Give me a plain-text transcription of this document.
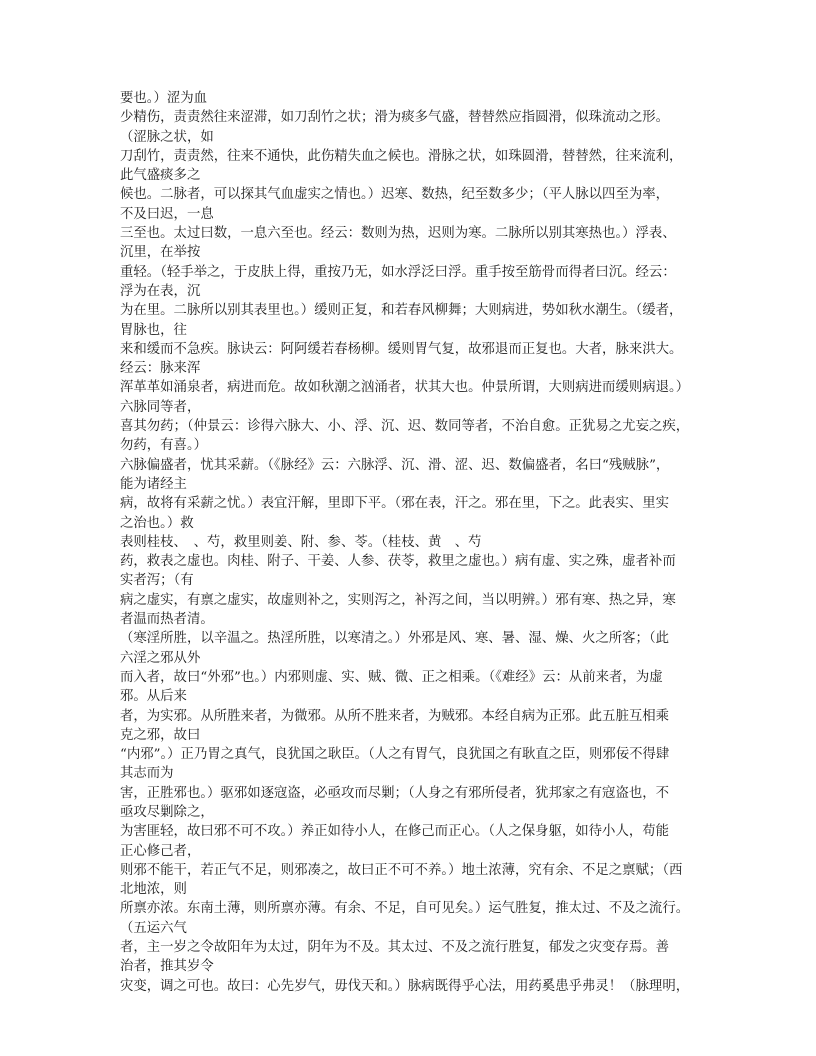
要也。）涩为血
少精伤，责责然往来涩滞，如刀刮竹之状；滑为痰多气盛，替替然应指圆滑，似珠流动之形。
（涩脉之状，如
刀刮竹，责责然，往来不通快，此伤精失血之候也。滑脉之状，如珠圆滑，替替然，往来流利，
此气盛痰多之
候也。二脉者，可以探其气血虚实之情也。）迟寒、数热，纪至数多少；（平人脉以四至为率，
不及曰迟，一息
三至也。太过曰数，一息六至也。经云：数则为热，迟则为寒。二脉所以别其寒热也。）浮表、
沉里，在举按
重轻。（轻手举之，于皮肤上得，重按乃无，如水浮泛曰浮。重手按至筋骨而得者曰沉。经云：
浮为在表，沉
为在里。二脉所以别其表里也。）缓则正复，和若春风柳舞；大则病进，势如秋水潮生。（缓者，
胃脉也，往
来和缓而不急疾。脉诀云：阿阿缓若春杨柳。缓则胃气复，故邪退而正复也。大者，脉来洪大。
经云：脉来浑
浑革革如涌泉者，病进而危。故如秋潮之汹涌者，状其大也。仲景所谓，大则病进而缓则病退。）
六脉同等者，
喜其勿药；（仲景云：诊得六脉大、小、浮、沉、迟、数同等者，不治自愈。正犹易之尤妄之疾，
勿药，有喜。）
六脉偏盛者，忧其采薪。（《脉经》云：六脉浮、沉、滑、涩、迟、数偏盛者，名曰“残贼脉”，
能为诸经主
病，故将有采薪之忧。）表宜汗解，里即下平。（邪在表，汗之。邪在里，下之。此表实、里实
之治也。）救
表则桂枝、　、芍，救里则姜、附、参、苓。（桂枝、黄　、芍
药，救表之虚也。肉桂、附子、干姜、人参、茯苓，救里之虚也。）病有虚、实之殊，虚者补而
实者泻；（有
病之虚实，有禀之虚实，故虚则补之，实则泻之，补泻之间，当以明辨。）邪有寒、热之异，寒
者温而热者清。
（寒淫所胜，以辛温之。热淫所胜，以寒清之。）外邪是风、寒、暑、湿、燥、火之所客；（此
六淫之邪从外
而入者，故曰“外邪”也。）内邪则虚、实、贼、微、正之相乘。（《难经》云：从前来者，为虚
邪。从后来
者，为实邪。从所胜来者，为微邪。从所不胜来者，为贼邪。本经自病为正邪。此五脏互相乘
克之邪，故曰
“内邪”。）正乃胃之真气，良犹国之耿臣。（人之有胃气，良犹国之有耿直之臣，则邪佞不得肆
其志而为
害，正胜邪也。）驱邪如逐寇盗，必亟攻而尽剿；（人身之有邪所侵者，犹邦家之有寇盗也，不
亟攻尽剿除之，
为害匪轻，故曰邪不可不攻。）养正如待小人，在修己而正心。（人之保身躯，如待小人，苟能
正心修己者，
则邪不能干，若正气不足，则邪凑之，故曰正不可不养。）地土浓薄，究有余、不足之禀赋；（西
北地浓，则
所禀亦浓。东南土薄，则所禀亦薄。有余、不足，自可见矣。）运气胜复，推太过、不及之流行。
（五运六气
者，主一岁之令故阳年为太过，阴年为不及。其太过、不及之流行胜复，郁发之灾变存焉。善
治者，推其岁令
灾变，调之可也。故曰：心先岁气，毋伐天和。）脉病既得乎心法，用药奚患乎弗灵！（脉理明，
